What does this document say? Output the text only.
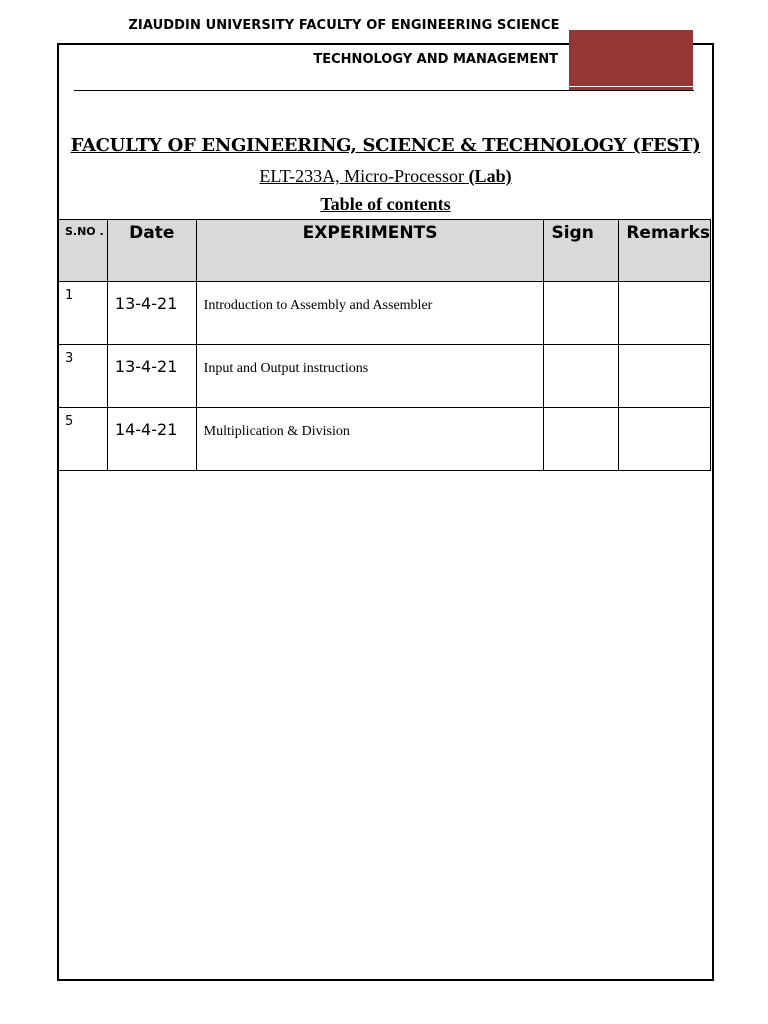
ZIAUDDIN UNIVERSITY FACULTY OF ENGINEERING SCIENCE
TECHNOLOGY AND MANAGEMENT
FACULTY OF ENGINEERING, SCIENCE & TECHNOLOGY (FEST)
ELT-233A, Micro-Processor (Lab)
Table of contents
S.NO .	Date	EXPERIMENTS	Sign	Remarks
1	13-4-21	Introduction to Assembly and Assembler		
3	13-4-21	Input and Output instructions		
5	14-4-21	Multiplication & Division		
